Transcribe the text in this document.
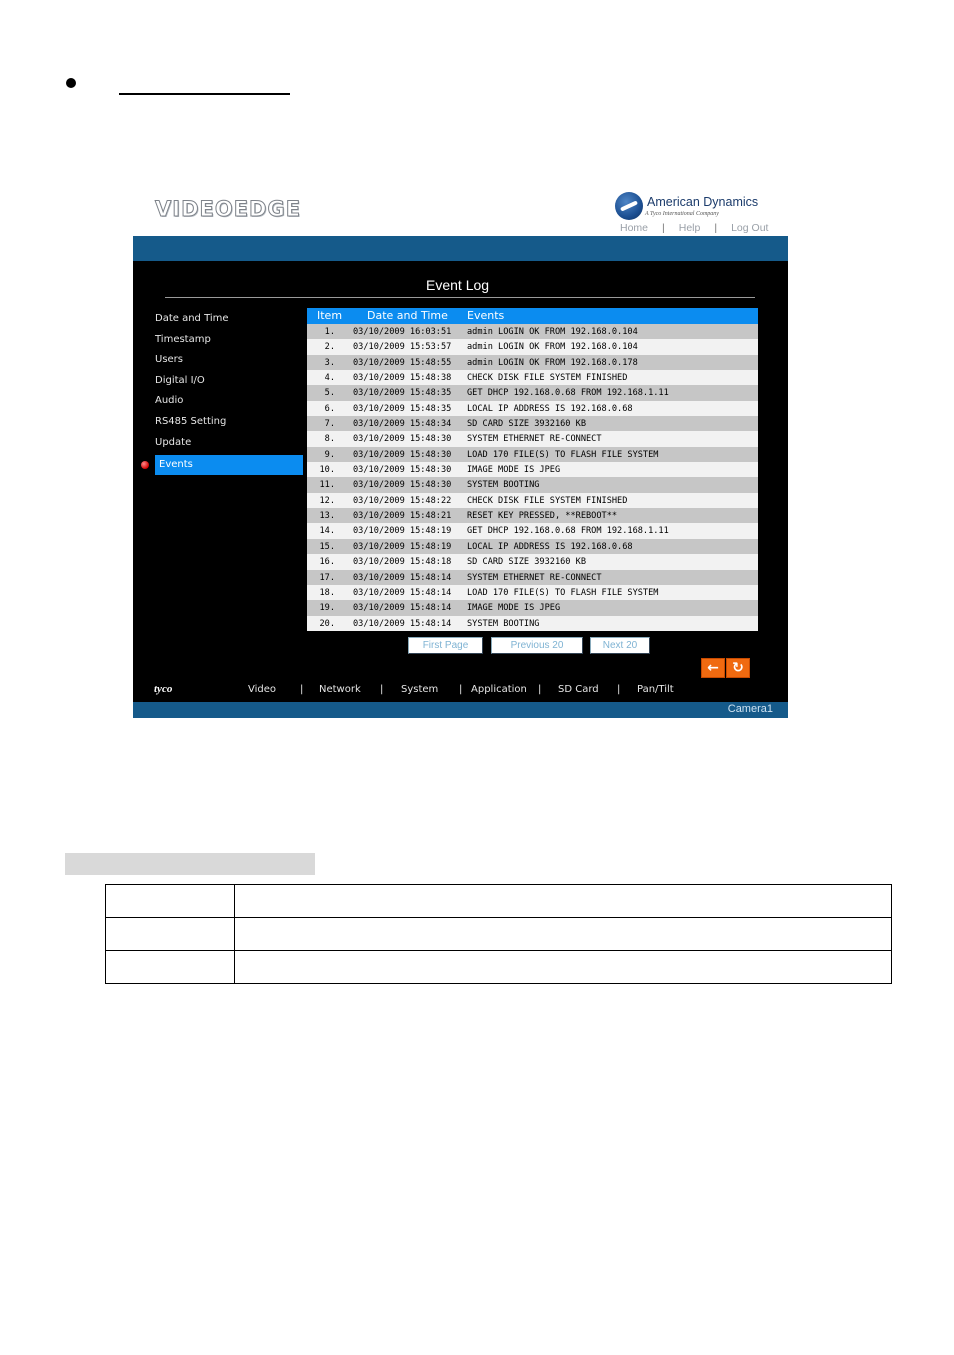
VIDEOEDGE	American Dynamics
A Tyco International Company
Home | Help | Log Out
Event Log
Date and Time
Timestamp
Users
Digital I/O
Audio
RS485 Setting
Update
Events
Item Date and Time Events
1. 03/10/2009 16:03:51 admin LOGIN OK FROM 192.168.0.104
2. 03/10/2009 15:53:57 admin LOGIN OK FROM 192.168.0.104
3. 03/10/2009 15:48:55 admin LOGIN OK FROM 192.168.0.178
4. 03/10/2009 15:48:38 CHECK DISK FILE SYSTEM FINISHED
5. 03/10/2009 15:48:35 GET DHCP 192.168.0.68 FROM 192.168.1.11
6. 03/10/2009 15:48:35 LOCAL IP ADDRESS IS 192.168.0.68
7. 03/10/2009 15:48:34 SD CARD SIZE 3932160 KB
8. 03/10/2009 15:48:30 SYSTEM ETHERNET RE-CONNECT
9. 03/10/2009 15:48:30 LOAD 170 FILE(S) TO FLASH FILE SYSTEM
10. 03/10/2009 15:48:30 IMAGE MODE IS JPEG
11. 03/10/2009 15:48:30 SYSTEM BOOTING
12. 03/10/2009 15:48:22 CHECK DISK FILE SYSTEM FINISHED
13. 03/10/2009 15:48:21 RESET KEY PRESSED, **REBOOT**
14. 03/10/2009 15:48:19 GET DHCP 192.168.0.68 FROM 192.168.1.11
15. 03/10/2009 15:48:19 LOCAL IP ADDRESS IS 192.168.0.68
16. 03/10/2009 15:48:18 SD CARD SIZE 3932160 KB
17. 03/10/2009 15:48:14 SYSTEM ETHERNET RE-CONNECT
18. 03/10/2009 15:48:14 LOAD 170 FILE(S) TO FLASH FILE SYSTEM
19. 03/10/2009 15:48:14 IMAGE MODE IS JPEG
20. 03/10/2009 15:48:14 SYSTEM BOOTING
First Page	Previous 20	Next 20
← ↻
tyco	Video | Network | System | Application | SD Card | Pan/Tilt
Camera1
